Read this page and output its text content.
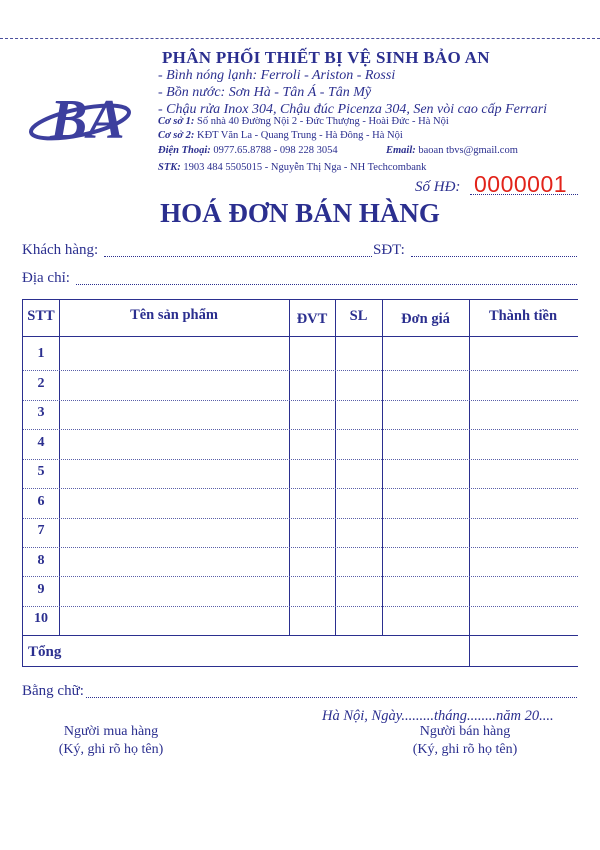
BA
PHÂN PHỐI THIẾT BỊ VỆ SINH BẢO AN
- Bình nóng lạnh: Ferroli - Ariston - Rossi
- Bồn nước: Sơn Hà - Tân Á - Tân Mỹ
- Chậu rửa Inox 304, Chậu đúc Picenza 304, Sen vòi cao cấp Ferrari
Cơ sở 1: Số nhà 40 Đường Nội 2 - Đức Thượng - Hoài Đức - Hà Nội
Cơ sở 2: KĐT Văn La - Quang Trung - Hà Đông - Hà Nội
Điện Thoại: 0977.65.8788 - 098 228 3054	Email: baoan tbvs@gmail.com
STK: 1903 484 5505015 - Nguyễn Thị Nga - NH Techcombank
Số HĐ: 0000001
HOÁ ĐƠN BÁN HÀNG
Khách hàng:	SĐT:
Địa chỉ:
STT	Tên sản phẩm	ĐVT	SL	Đơn giá	Thành tiền
1
2
3
4
5
6
7
8
9
10
Tổng
Bằng chữ:
Hà Nội, Ngày.........tháng........năm 20....
Người mua hàng
(Ký, ghi rõ họ tên)
Người bán hàng
(Ký, ghi rõ họ tên)
